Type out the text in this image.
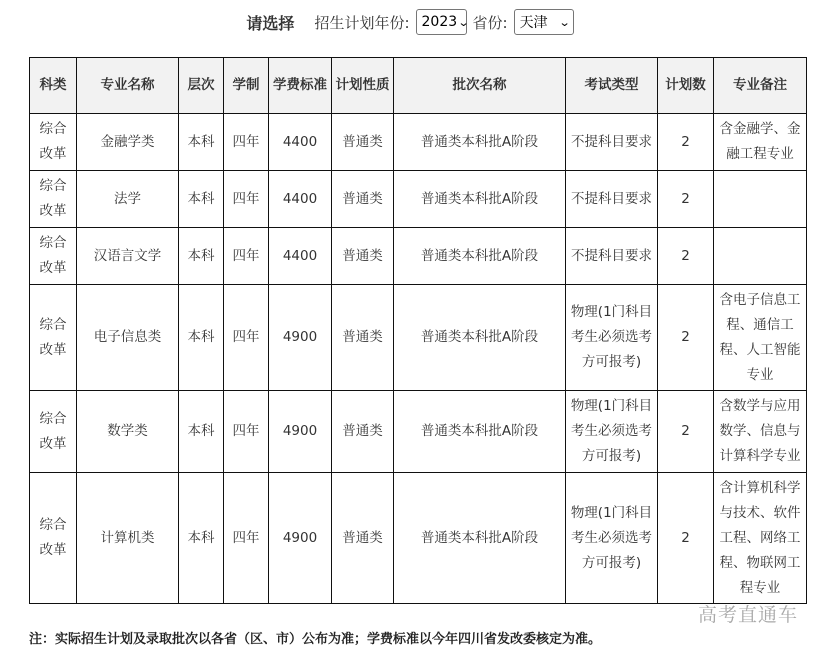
请选择 招生计划年份: 2023 ⌄ 省份: 天津 ⌄
科类	专业名称	层次	学制	学费标准	计划性质	批次名称	考试类型	计划数	专业备注
综合改革	金融学类	本科	四年	4400	普通类	普通类本科批A阶段	不提科目要求	2	含金融学、金融工程专业
综合改革	法学	本科	四年	4400	普通类	普通类本科批A阶段	不提科目要求	2	
综合改革	汉语言文学	本科	四年	4400	普通类	普通类本科批A阶段	不提科目要求	2	
综合改革	电子信息类	本科	四年	4900	普通类	普通类本科批A阶段	物理(1门科目考生必须选考方可报考)	2	含电子信息工程、通信工程、人工智能专业
综合改革	数学类	本科	四年	4900	普通类	普通类本科批A阶段	物理(1门科目考生必须选考方可报考)	2	含数学与应用数学、信息与计算科学专业
综合改革	计算机类	本科	四年	4900	普通类	普通类本科批A阶段	物理(1门科目考生必须选考方可报考)	2	含计算机科学与技术、软件工程、网络工程、物联网工程专业
高考直通车
注：实际招生计划及录取批次以各省（区、市）公布为准；学费标准以今年四川省发改委核定为准。
